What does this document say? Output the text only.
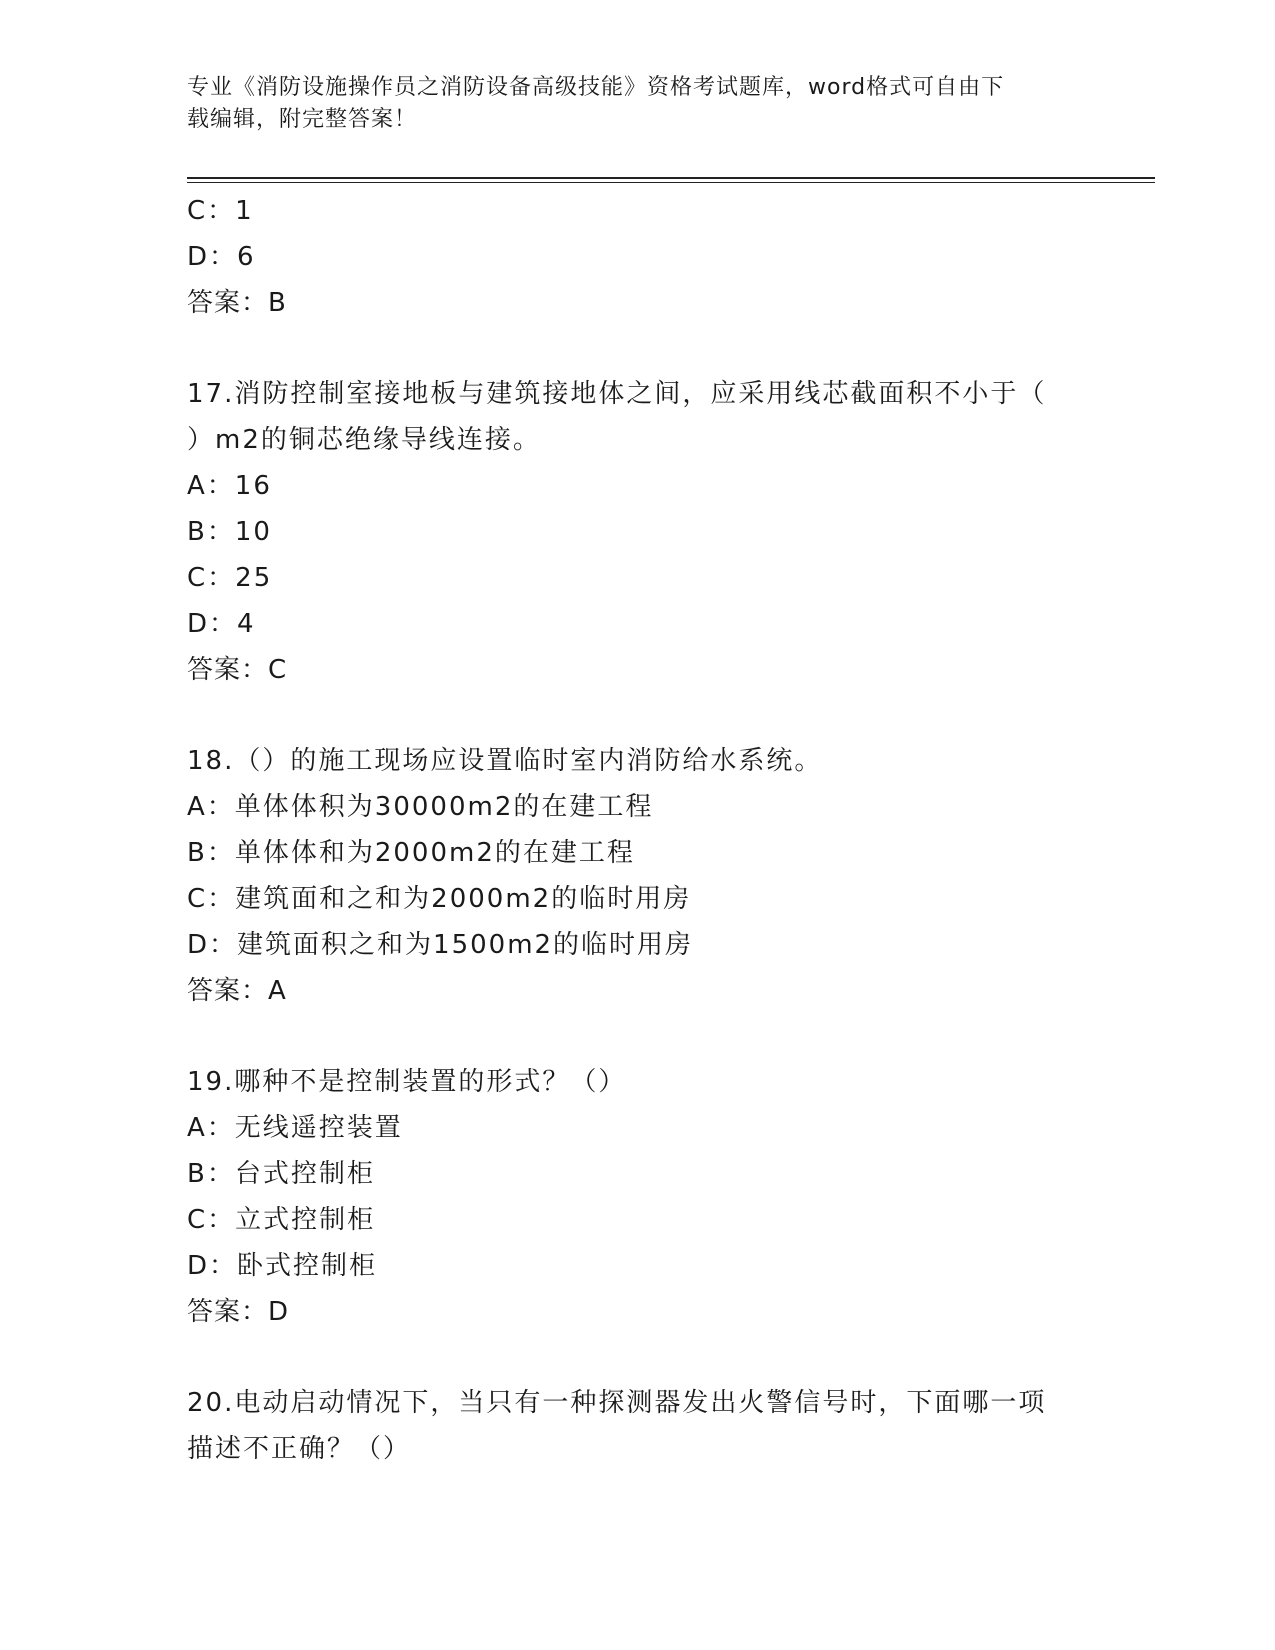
专业《消防设施操作员之消防设备高级技能》资格考试题库，word格式可自由下
载编辑，附完整答案！
C：1
D：6
答案：B
17.消防控制室接地板与建筑接地体之间，应采用线芯截面积不小于（
）m2的铜芯绝缘导线连接。
A：16
B：10
C：25
D：4
答案：C
18.（）的施工现场应设置临时室内消防给水系统。
A：单体体积为30000m2的在建工程
B：单体体和为2000m2的在建工程
C：建筑面和之和为2000m2的临时用房
D：建筑面积之和为1500m2的临时用房
答案：A
19.哪种不是控制装置的形式？（）
A：无线遥控装置
B：台式控制柜
C：立式控制柜
D：卧式控制柜
答案：D
20.电动启动情况下，当只有一种探测器发出火警信号时，下面哪一项
描述不正确？（）
